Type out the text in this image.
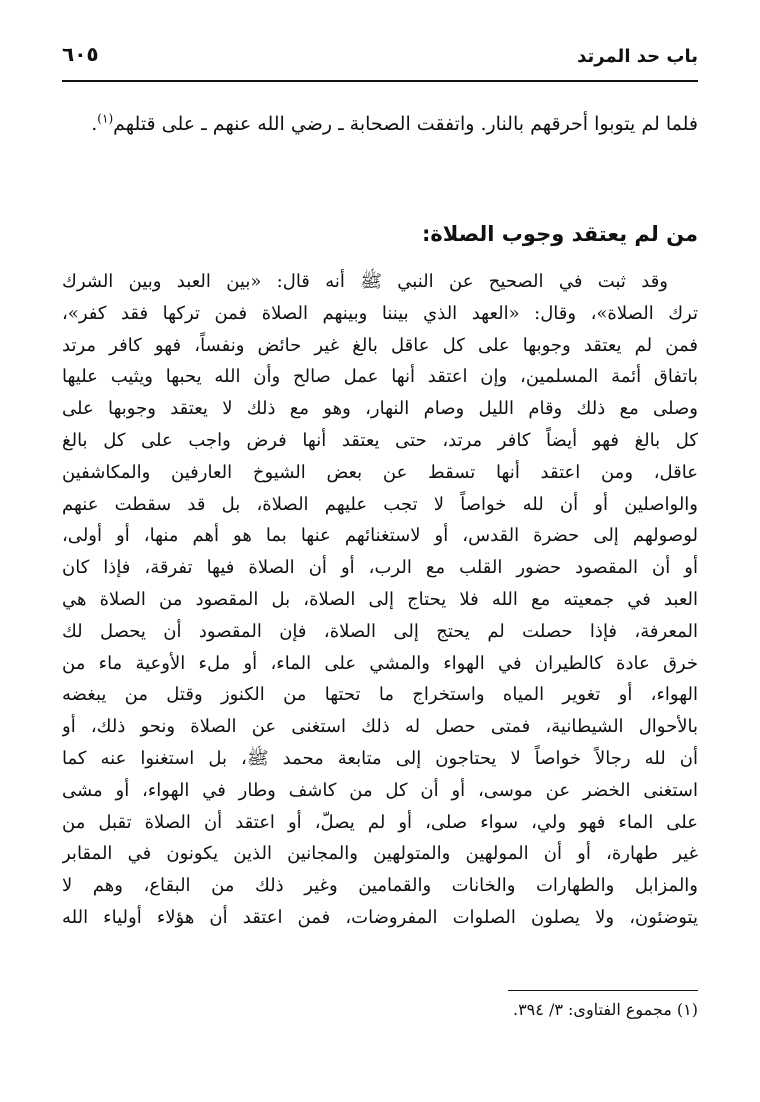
باب حد المرتد
٦٠٥
فلما لم يتوبوا أحرقهم بالنار. واتفقت الصحابة ـ رضي الله عنهم ـ على قتلهم$^{(١)}$.
من لم يعتقد وجوب الصلاة:
وقد ثبت في الصحيح عن النبي ﷺ أنه قال: «بين العبد وبين الشرك
ترك الصلاة»، وقال: «العهد الذي بيننا وبينهم الصلاة فمن تركها فقد كفر»،
فمن لم يعتقد وجوبها على كل عاقل بالغ غير حائض ونفساً، فهو كافر مرتد
باتفاق أئمة المسلمين، وإن اعتقد أنها عمل صالح وأن الله يحبها ويثيب عليها
وصلى مع ذلك وقام الليل وصام النهار، وهو مع ذلك لا يعتقد وجوبها على
كل بالغ فهو أيضاً كافر مرتد، حتى يعتقد أنها فرض واجب على كل بالغ
عاقل، ومن اعتقد أنها تسقط عن بعض الشيوخ العارفين والمكاشفين
والواصلين أو أن لله خواصاً لا تجب عليهم الصلاة، بل قد سقطت عنهم
لوصولهم إلى حضرة القدس، أو لاستغنائهم عنها بما هو أهم منها، أو أولى،
أو أن المقصود حضور القلب مع الرب، أو أن الصلاة فيها تفرقة، فإذا كان
العبد في جمعيته مع الله فلا يحتاج إلى الصلاة، بل المقصود من الصلاة هي
المعرفة، فإذا حصلت لم يحتج إلى الصلاة، فإن المقصود أن يحصل لك
خرق عادة كالطيران في الهواء والمشي على الماء، أو ملء الأوعية ماء من
الهواء، أو تغوير المياه واستخراج ما تحتها من الكنوز وقتل من يبغضه
بالأحوال الشيطانية، فمتى حصل له ذلك استغنى عن الصلاة ونحو ذلك، أو
أن لله رجالاً خواصاً لا يحتاجون إلى متابعة محمد ﷺ، بل استغنوا عنه كما
استغنى الخضر عن موسى، أو أن كل من كاشف وطار في الهواء، أو مشى
على الماء فهو ولي، سواء صلى، أو لم يصلّ، أو اعتقد أن الصلاة تقبل من
غير طهارة، أو أن المولهين والمتولهين والمجانين الذين يكونون في المقابر
والمزابل والطهارات والخانات والقمامين وغير ذلك من البقاع، وهم لا
يتوضئون، ولا يصلون الصلوات المفروضات، فمن اعتقد أن هؤلاء أولياء الله
(١) مجموع الفتاوى: ٣/ ٣٩٤.
